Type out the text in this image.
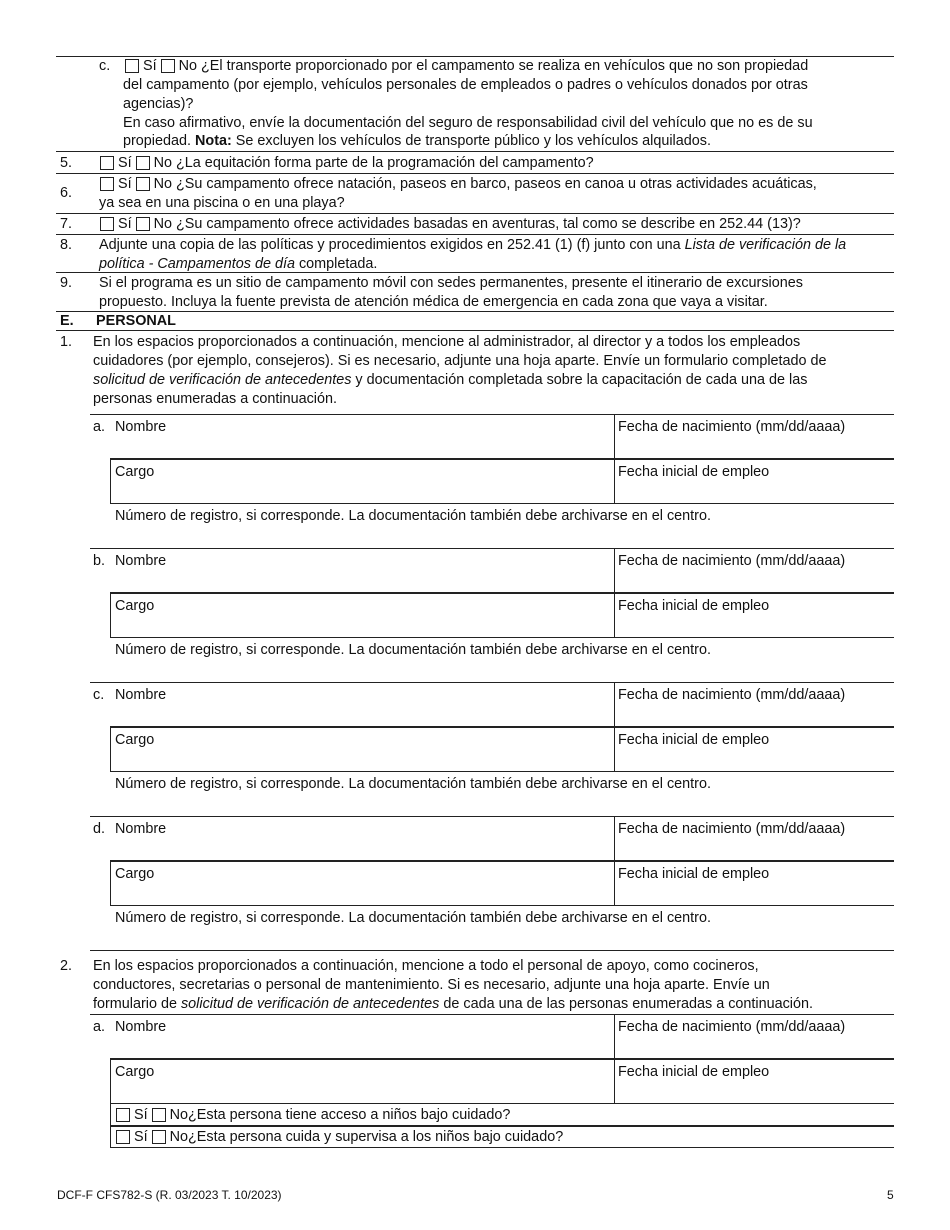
c.	Sí No ¿El transporte proporcionado por el campamento se realiza en vehículos que no son propiedad
del campamento (por ejemplo, vehículos personales de empleados o padres o vehículos donados por otras
agencias)?
En caso afirmativo, envíe la documentación del seguro de responsabilidad civil del vehículo que no es de su
propiedad. Nota: Se excluyen los vehículos de transporte público y los vehículos alquilados.
5.	Sí No ¿La equitación forma parte de la programación del campamento?
6.
Sí No ¿Su campamento ofrece natación, paseos en barco, paseos en canoa u otras actividades acuáticas,
ya sea en una piscina o en una playa?
7.	Sí No ¿Su campamento ofrece actividades basadas en aventuras, tal como se describe en 252.44 (13)?
8. Adjunte una copia de las políticas y procedimientos exigidos en 252.41 (1) (f) junto con una Lista de verificación de la
política - Campamentos de día completada.
9. Si el programa es un sitio de campamento móvil con sedes permanentes, presente el itinerario de excursiones
propuesto. Incluya la fuente prevista de atención médica de emergencia en cada zona que vaya a visitar.
E. PERSONAL
1. En los espacios proporcionados a continuación, mencione al administrador, al director y a todos los empleados
cuidadores (por ejemplo, consejeros). Si es necesario, adjunte una hoja aparte. Envíe un formulario completado de
solicitud de verificación de antecedentes y documentación completada sobre la capacitación de cada una de las
personas enumeradas a continuación.
a. Nombre	Fecha de nacimiento (mm/dd/aaaa)
Cargo	Fecha inicial de empleo
Número de registro, si corresponde. La documentación también debe archivarse en el centro.
b. Nombre	Fecha de nacimiento (mm/dd/aaaa)
Cargo	Fecha inicial de empleo
Número de registro, si corresponde. La documentación también debe archivarse en el centro.
c. Nombre	Fecha de nacimiento (mm/dd/aaaa)
Cargo	Fecha inicial de empleo
Número de registro, si corresponde. La documentación también debe archivarse en el centro.
d. Nombre	Fecha de nacimiento (mm/dd/aaaa)
Cargo	Fecha inicial de empleo
Número de registro, si corresponde. La documentación también debe archivarse en el centro.
2. En los espacios proporcionados a continuación, mencione a todo el personal de apoyo, como cocineros,
conductores, secretarias o personal de mantenimiento. Si es necesario, adjunte una hoja aparte. Envíe un
formulario de solicitud de verificación de antecedentes de cada una de las personas enumeradas a continuación.
a. Nombre	Fecha de nacimiento (mm/dd/aaaa)
Cargo	Fecha inicial de empleo
Sí No¿Esta persona tiene acceso a niños bajo cuidado?
Sí No¿Esta persona cuida y supervisa a los niños bajo cuidado?
DCF-F CFS782-S (R. 03/2023 T. 10/2023)	5
